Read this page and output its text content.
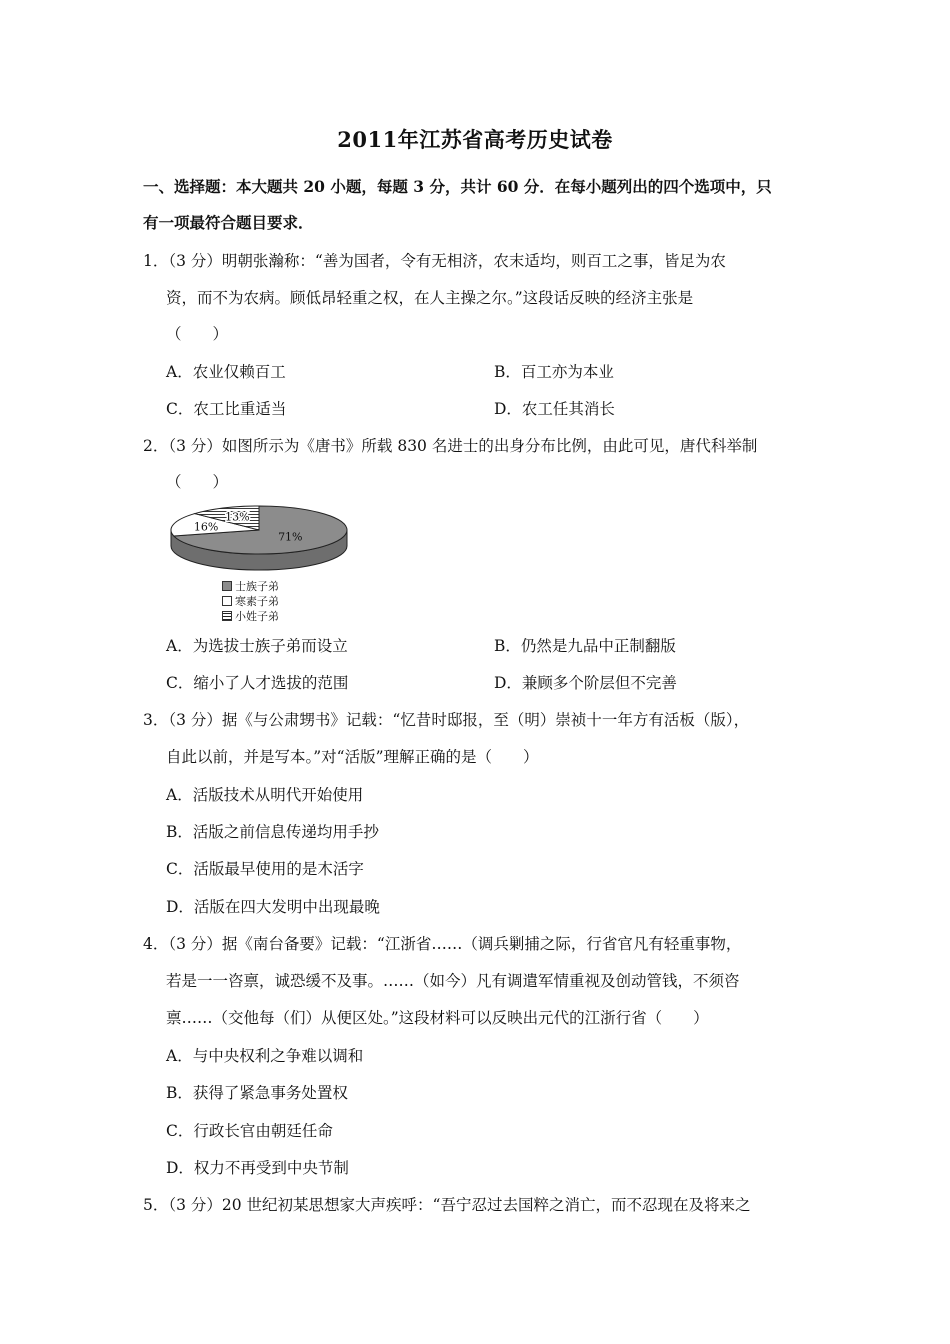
2011年江苏省高考历史试卷
一、选择题：本大题共 20 小题，每题 3 分，共计 60 分．在每小题列出的四个选项中，只
有一项最符合题目要求．
1．（3 分）明朝张瀚称：“善为国者，令有无相济，农末适均，则百工之事，皆足为农
资，而不为农病。顾低昂轻重之权，在人主操之尔。”这段话反映的经济主张是
（　　）
A．农业仅赖百工	B．百工亦为本业
C．农工比重适当	D．农工任其消长
2．（3 分）如图所示为《唐书》所载 830 名进士的出身分布比例，由此可见，唐代科举制
（　　）
71%
16%
13%
士族子弟
寒素子弟
小姓子弟
A．为选拔士族子弟而设立	B．仍然是九品中正制翻版
C．缩小了人才选拔的范围	D．兼顾多个阶层但不完善
3．（3 分）据《与公肃甥书》记载：“忆昔时邸报，至（明）崇祯十一年方有活板（版），
自此以前，并是写本。”对“活版”理解正确的是（　　）
A．活版技术从明代开始使用
B．活版之前信息传递均用手抄
C．活版最早使用的是木活字
D．活版在四大发明中出现最晚
4．（3 分）据《南台备要》记载：“江浙省……（调兵剿捕之际，行省官凡有轻重事物，
若是一一咨禀，诚恐缓不及事。……（如今）凡有调遣军情重视及创动管钱，不须咨
禀……（交他每（们）从便区处。”这段材料可以反映出元代的江浙行省（　　）
A．与中央权利之争难以调和
B．获得了紧急事务处置权
C．行政长官由朝廷任命
D．权力不再受到中央节制
5．（3 分）20 世纪初某思想家大声疾呼：“吾宁忍过去国粹之消亡，而不忍现在及将来之
